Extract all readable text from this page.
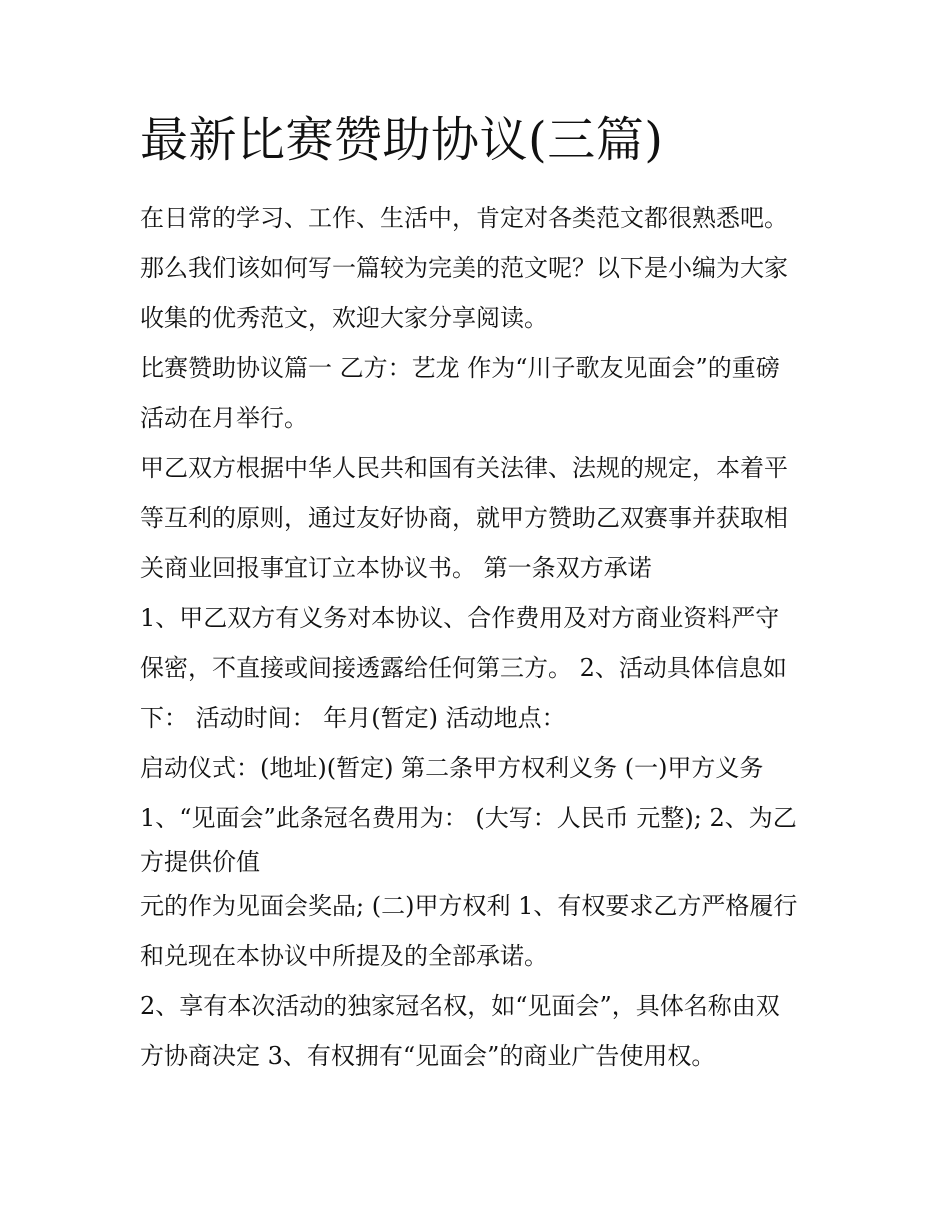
最新比赛赞助协议(三篇)

在日常的学习、工作、生活中，肯定对各类范文都很熟悉吧。

那么我们该如何写一篇较为完美的范文呢？以下是小编为大家

收集的优秀范文，欢迎大家分享阅读。

比赛赞助协议篇一 乙方：艺龙 作为“川子歌友见面会”的重磅

活动在月举行。

甲乙双方根据中华人民共和国有关法律、法规的规定，本着平

等互利的原则，通过友好协商，就甲方赞助乙双赛事并获取相

关商业回报事宜订立本协议书。 第一条双方承诺

1、甲乙双方有义务对本协议、合作费用及对方商业资料严守

保密，不直接或间接透露给任何第三方。 2、活动具体信息如

下： 活动时间： 年月(暂定) 活动地点：

启动仪式：(地址)(暂定) 第二条甲方权利义务 (一)甲方义务

1、“见面会”此条冠名费用为： (大写：人民币 元整); 2、为乙

方提供价值

元的作为见面会奖品; (二)甲方权利 1、有权要求乙方严格履行

和兑现在本协议中所提及的全部承诺。

2、享有本次活动的独家冠名权，如“见面会”，具体名称由双

方协商决定 3、有权拥有“见面会”的商业广告使用权。
